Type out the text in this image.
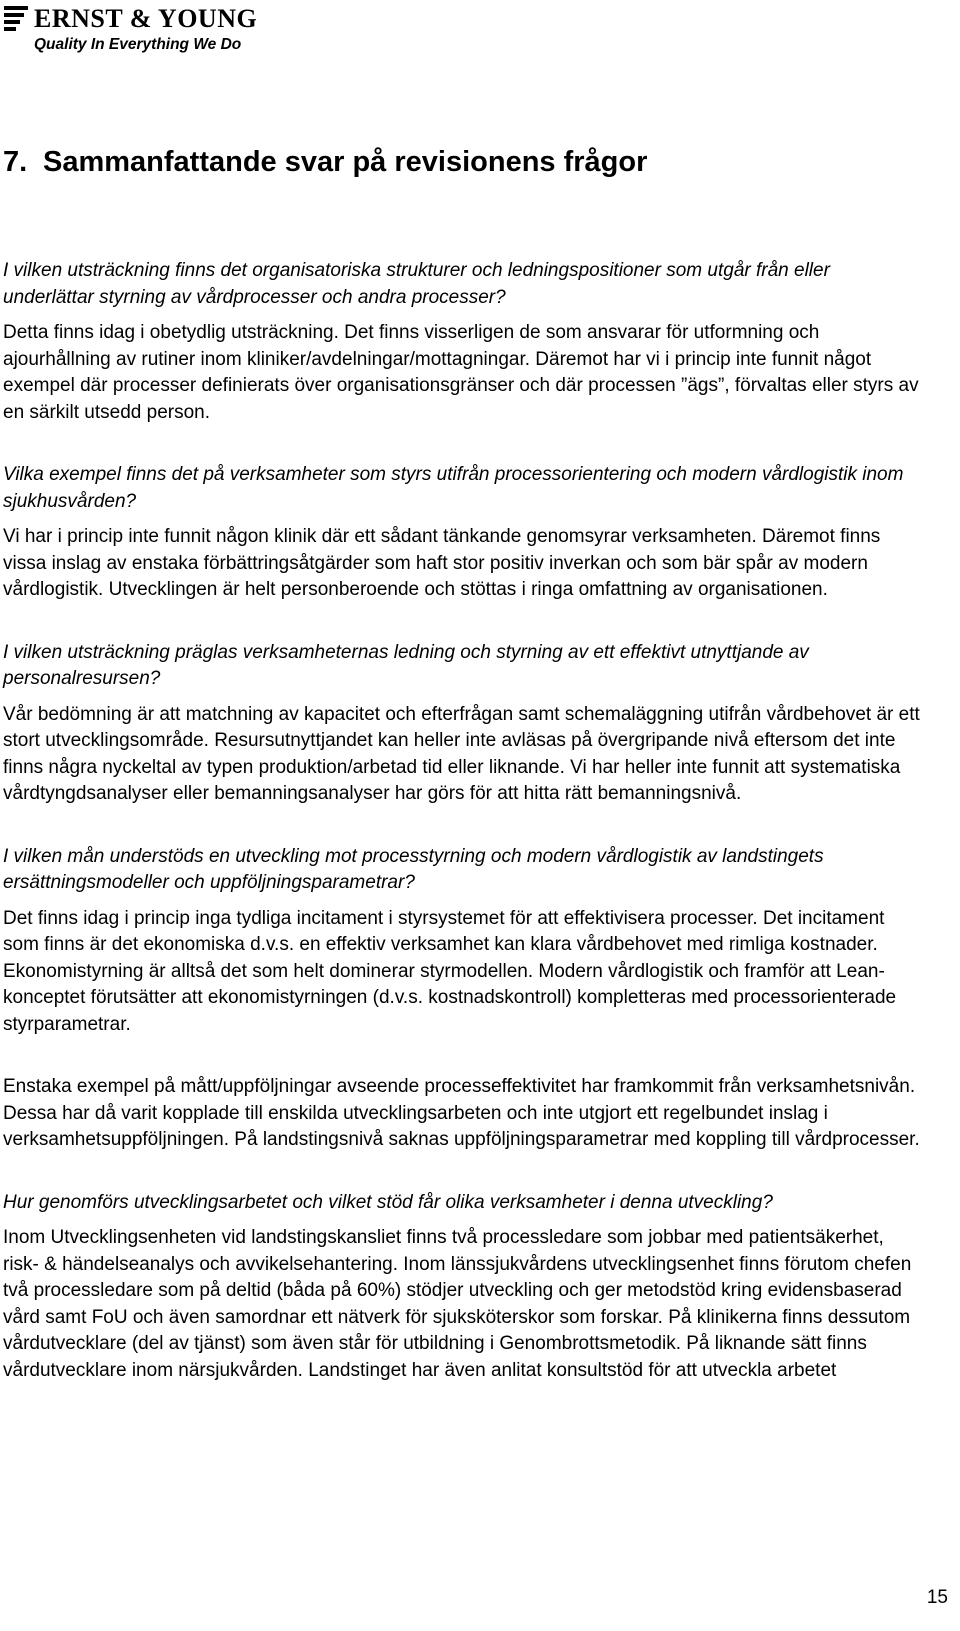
ERNST & YOUNG
Quality In Everything We Do
7. Sammanfattande svar på revisionens frågor

I vilken utsträckning finns det organisatoriska strukturer och ledningspositioner som utgår från eller underlättar styrning av vårdprocesser och andra processer?

Detta finns idag i obetydlig utsträckning. Det finns visserligen de som ansvarar för utformning och ajourhållning av rutiner inom kliniker/avdelningar/mottagningar. Däremot har vi i princip inte funnit något exempel där processer definierats över organisationsgränser och där processen ”ägs”, förvaltas eller styrs av en särkilt utsedd person.

Vilka exempel finns det på verksamheter som styrs utifrån processorientering och modern vårdlogistik inom sjukhusvården?

Vi har i princip inte funnit någon klinik där ett sådant tänkande genomsyrar verksamheten. Däremot finns vissa inslag av enstaka förbättringsåtgärder som haft stor positiv inverkan och som bär spår av modern vårdlogistik. Utvecklingen är helt personberoende och stöttas i ringa omfattning av organisationen.

I vilken utsträckning präglas verksamheternas ledning och styrning av ett effektivt utnyttjande av personalresursen?

Vår bedömning är att matchning av kapacitet och efterfrågan samt schemaläggning utifrån vårdbehovet är ett stort utvecklingsområde. Resursutnyttjandet kan heller inte avläsas på övergripande nivå eftersom det inte finns några nyckeltal av typen produktion/arbetad tid eller liknande. Vi har heller inte funnit att systematiska vårdtyngdsanalyser eller bemanningsanalyser har görs för att hitta rätt bemanningsnivå.

I vilken mån understöds en utveckling mot processtyrning och modern vårdlogistik av landstingets ersättningsmodeller och uppföljningsparametrar?

Det finns idag i princip inga tydliga incitament i styrsystemet för att effektivisera processer. Det incitament som finns är det ekonomiska d.v.s. en effektiv verksamhet kan klara vårdbehovet med rimliga kostnader. Ekonomistyrning är alltså det som helt dominerar styrmodellen. Modern vårdlogistik och framför att Lean-konceptet förutsätter att ekonomistyrningen (d.v.s. kostnadskontroll) kompletteras med processorienterade styrparametrar.

Enstaka exempel på mått/uppföljningar avseende processeffektivitet har framkommit från verksamhetsnivån. Dessa har då varit kopplade till enskilda utvecklingsarbeten och inte utgjort ett regelbundet inslag i verksamhetsuppföljningen. På landstingsnivå saknas uppföljningsparametrar med koppling till vårdprocesser.

Hur genomförs utvecklingsarbetet och vilket stöd får olika verksamheter i denna utveckling?

Inom Utvecklingsenheten vid landstingskansliet finns två processledare som jobbar med patientsäkerhet, risk- & händelseanalys och avvikelsehantering. Inom länssjukvårdens utvecklingsenhet finns förutom chefen två processledare som på deltid (båda på 60%) stödjer utveckling och ger metodstöd kring evidensbaserad vård samt FoU och även samordnar ett nätverk för sjuksköterskor som forskar. På klinikerna finns dessutom vårdutvecklare (del av tjänst) som även står för utbildning i Genombrottsmetodik. På liknande sätt finns vårdutvecklare inom närsjukvården. Landstinget har även anlitat konsultstöd för att utveckla arbetet

15
